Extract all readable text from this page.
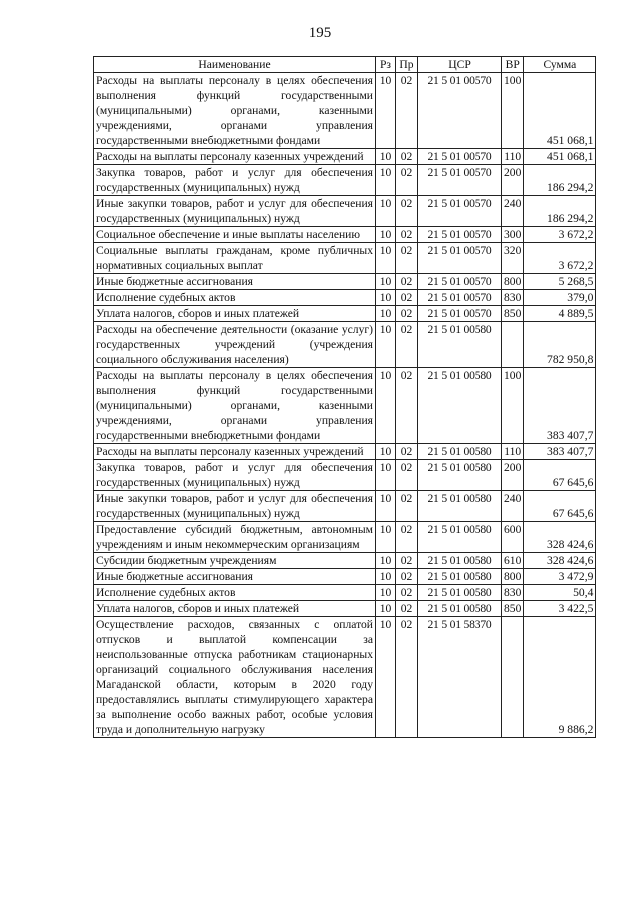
195
Наименование	Рз	Пр	ЦСР	ВР	Сумма
Расходы на выплаты персоналу в целях обеспечения выполнения функций государственными (муниципальными) органами, казенными учреждениями, органами управления государственными внебюджетными фондами	10	02	21 5 01 00570	100	451 068,1
Расходы на выплаты персоналу казенных учреждений	10	02	21 5 01 00570	110	451 068,1
Закупка товаров, работ и услуг для обеспечения государственных (муниципальных) нужд	10	02	21 5 01 00570	200	186 294,2
Иные закупки товаров, работ и услуг для обеспечения государственных (муниципальных) нужд	10	02	21 5 01 00570	240	186 294,2
Социальное обеспечение и иные выплаты населению	10	02	21 5 01 00570	300	3 672,2
Социальные выплаты гражданам, кроме публичных нормативных социальных выплат	10	02	21 5 01 00570	320	3 672,2
Иные бюджетные ассигнования	10	02	21 5 01 00570	800	5 268,5
Исполнение судебных актов	10	02	21 5 01 00570	830	379,0
Уплата налогов, сборов и иных платежей	10	02	21 5 01 00570	850	4 889,5
Расходы на обеспечение деятельности (оказание услуг) государственных учреждений (учреждения социального обслуживания населения)	10	02	21 5 01 00580		782 950,8
Расходы на выплаты персоналу в целях обеспечения выполнения функций государственными (муниципальными) органами, казенными учреждениями, органами управления государственными внебюджетными фондами	10	02	21 5 01 00580	100	383 407,7
Расходы на выплаты персоналу казенных учреждений	10	02	21 5 01 00580	110	383 407,7
Закупка товаров, работ и услуг для обеспечения государственных (муниципальных) нужд	10	02	21 5 01 00580	200	67 645,6
Иные закупки товаров, работ и услуг для обеспечения государственных (муниципальных) нужд	10	02	21 5 01 00580	240	67 645,6
Предоставление субсидий бюджетным, автономным учреждениям и иным некоммерческим организациям	10	02	21 5 01 00580	600	328 424,6
Субсидии бюджетным учреждениям	10	02	21 5 01 00580	610	328 424,6
Иные бюджетные ассигнования	10	02	21 5 01 00580	800	3 472,9
Исполнение судебных актов	10	02	21 5 01 00580	830	50,4
Уплата налогов, сборов и иных платежей	10	02	21 5 01 00580	850	3 422,5
Осуществление расходов, связанных с оплатой отпусков и выплатой компенсации за неиспользованные отпуска работникам стационарных организаций социального обслуживания населения Магаданской области, которым в 2020 году предоставлялись выплаты стимулирующего характера за выполнение особо важных работ, особые условия труда и дополнительную нагрузку	10	02	21 5 01 58370		9 886,2
